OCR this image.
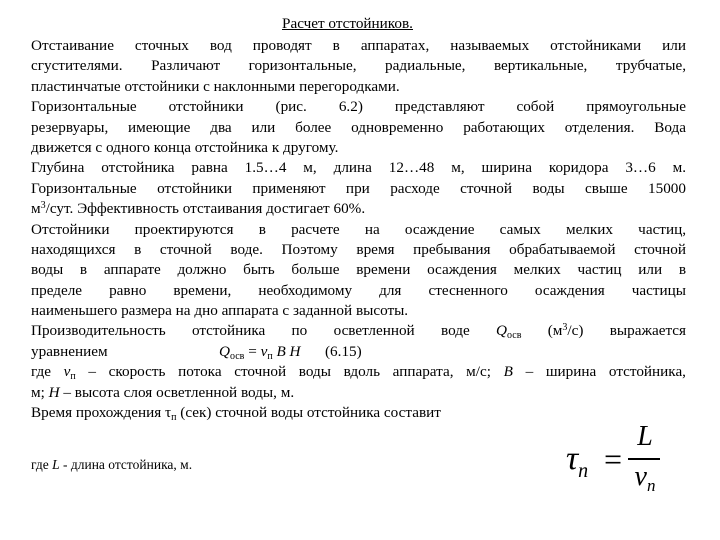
Расчет отстойников.
Отстаивание сточных вод проводят в аппаратах, называемых отстойниками или
сгустителями. Различают горизонтальные, радиальные, вертикальные, трубчатые,
пластинчатые отстойники с наклонными перегородками.
Горизонтальные отстойники (рис. 6.2) представляют собой прямоугольные
резервуары, имеющие два или более одновременно работающих отделения. Вода
движется с одного конца отстойника к другому.
Глубина отстойника равна 1.5…4 м, длина 12…48 м, ширина коридора 3…6 м.
Горизонтальные отстойники применяют при расходе сточной воды свыше 15000
$м^3$/сут. Эффективность отстаивания достигает 60%.
Отстойники проектируются в расчете на осаждение самых мелких частиц,
находящихся в сточной воде. Поэтому время пребывания обрабатываемой сточной
воды в аппарате должно быть больше времени осаждения мелких частиц или в
пределе равно времени, необходимому для стесненного осаждения частицы
наименьшего размера на дно аппарата с заданной высоты.
Производительность отстойника по осветленной воде $Q_{осв}$ $(м^3/с)$ выражается
уравнением	$Q_{осв} = v_п$ B H (6.15)
где $v_п$ – скорость потока сточной воды вдоль аппарата, м/с; B – ширина отстойника,
м; H – высота слоя осветленной воды, м.
Время прохождения $\tau_п$ (сек) сточной воды отстойника составит
где L - длина отстойника, м.	$\tau_n$ =
L
$v_n$
